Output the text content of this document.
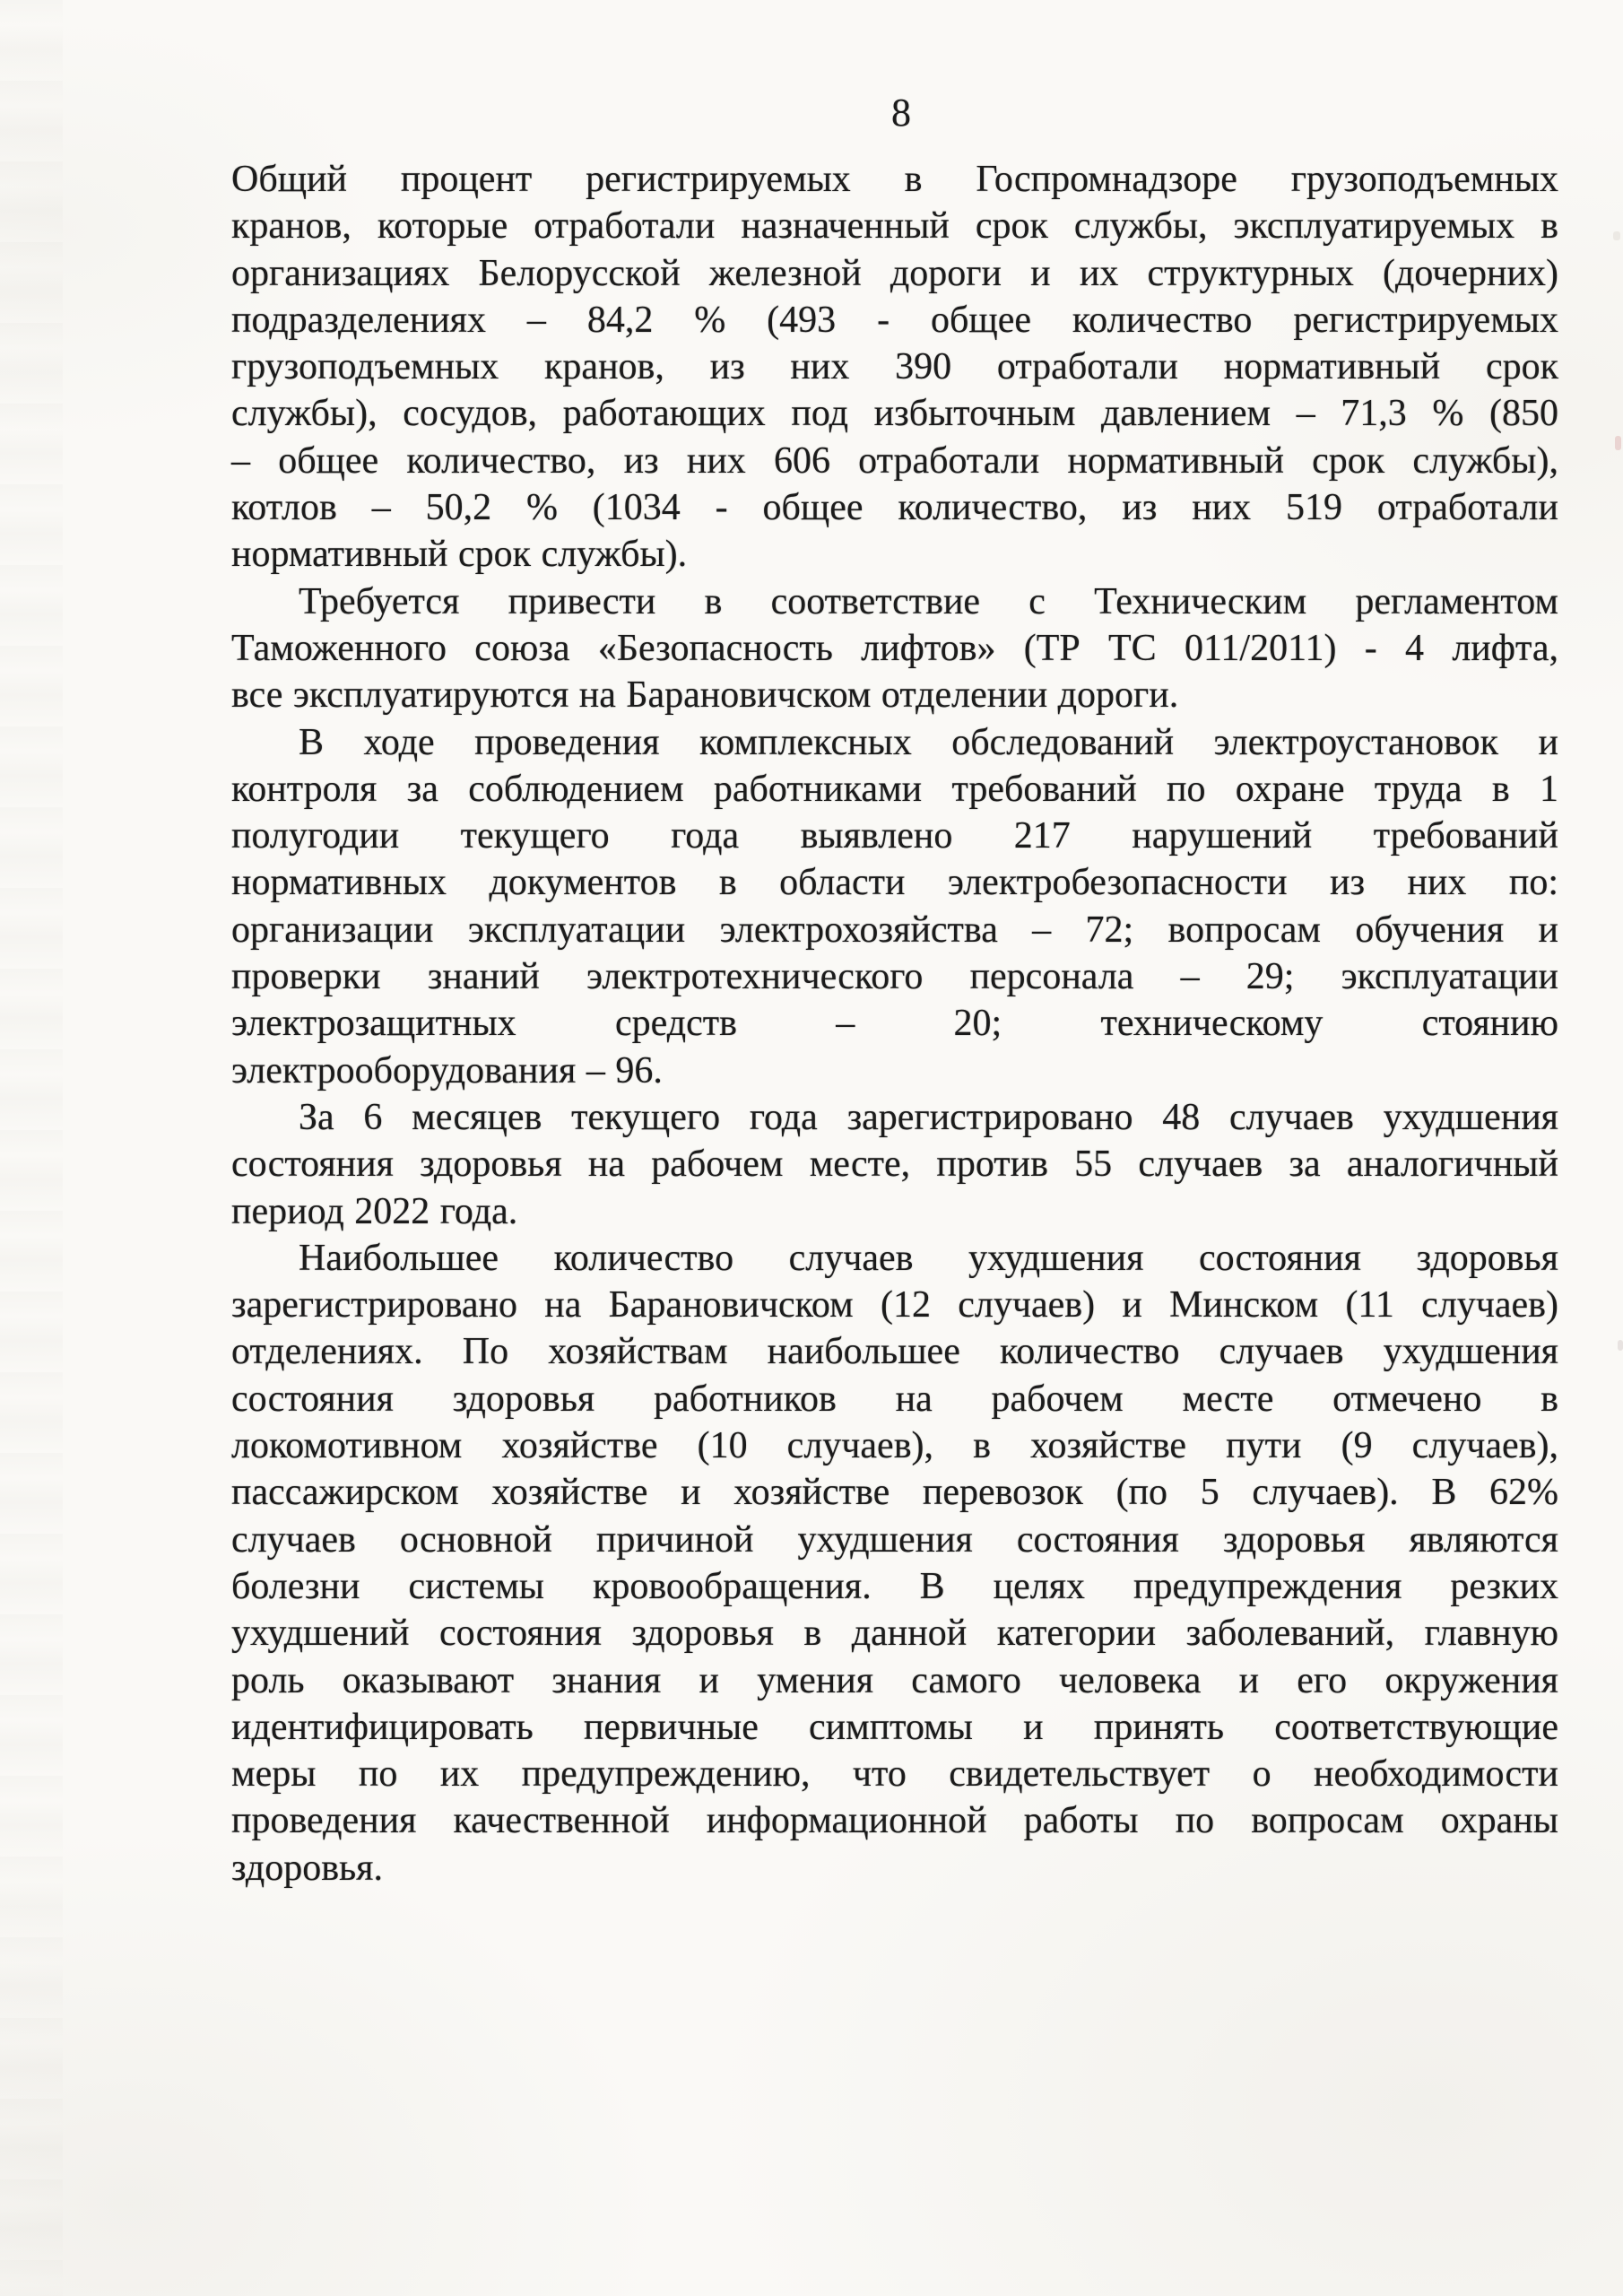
8
Общий процент регистрируемых в Госпромнадзоре грузоподъемных
кранов, которые отработали назначенный срок службы, эксплуатируемых в
организациях Белорусской железной дороги и их структурных (дочерних)
подразделениях – 84,2 % (493 - общее количество регистрируемых
грузоподъемных кранов, из них 390 отработали нормативный срок
службы), сосудов, работающих под избыточным давлением – 71,3 % (850
– общее количество, из них 606 отработали нормативный срок службы),
котлов – 50,2 % (1034 - общее количество, из них 519 отработали
нормативный срок службы).
Требуется привести в соответствие с Техническим регламентом
Таможенного союза «Безопасность лифтов» (ТР ТС 011/2011) - 4 лифта,
все эксплуатируются на Барановичском отделении дороги.
В ходе проведения комплексных обследований электроустановок и
контроля за соблюдением работниками требований по охране труда в 1
полугодии текущего года выявлено 217 нарушений требований
нормативных документов в области электробезопасности из них по:
организации эксплуатации электрохозяйства – 72; вопросам обучения и
проверки знаний электротехнического персонала – 29; эксплуатации
электрозащитных средств – 20; техническому стоянию
электрооборудования – 96.
За 6 месяцев текущего года зарегистрировано 48 случаев ухудшения
состояния здоровья на рабочем месте, против 55 случаев за аналогичный
период 2022 года.
Наибольшее количество случаев ухудшения состояния здоровья
зарегистрировано на Барановичском (12 случаев) и Минском (11 случаев)
отделениях. По хозяйствам наибольшее количество случаев ухудшения
состояния здоровья работников на рабочем месте отмечено в
локомотивном хозяйстве (10 случаев), в хозяйстве пути (9 случаев),
пассажирском хозяйстве и хозяйстве перевозок (по 5 случаев). В 62%
случаев основной причиной ухудшения состояния здоровья являются
болезни системы кровообращения. В целях предупреждения резких
ухудшений состояния здоровья в данной категории заболеваний, главную
роль оказывают знания и умения самого человека и его окружения
идентифицировать первичные симптомы и принять соответствующие
меры по их предупреждению, что свидетельствует о необходимости
проведения качественной информационной работы по вопросам охраны
здоровья.
